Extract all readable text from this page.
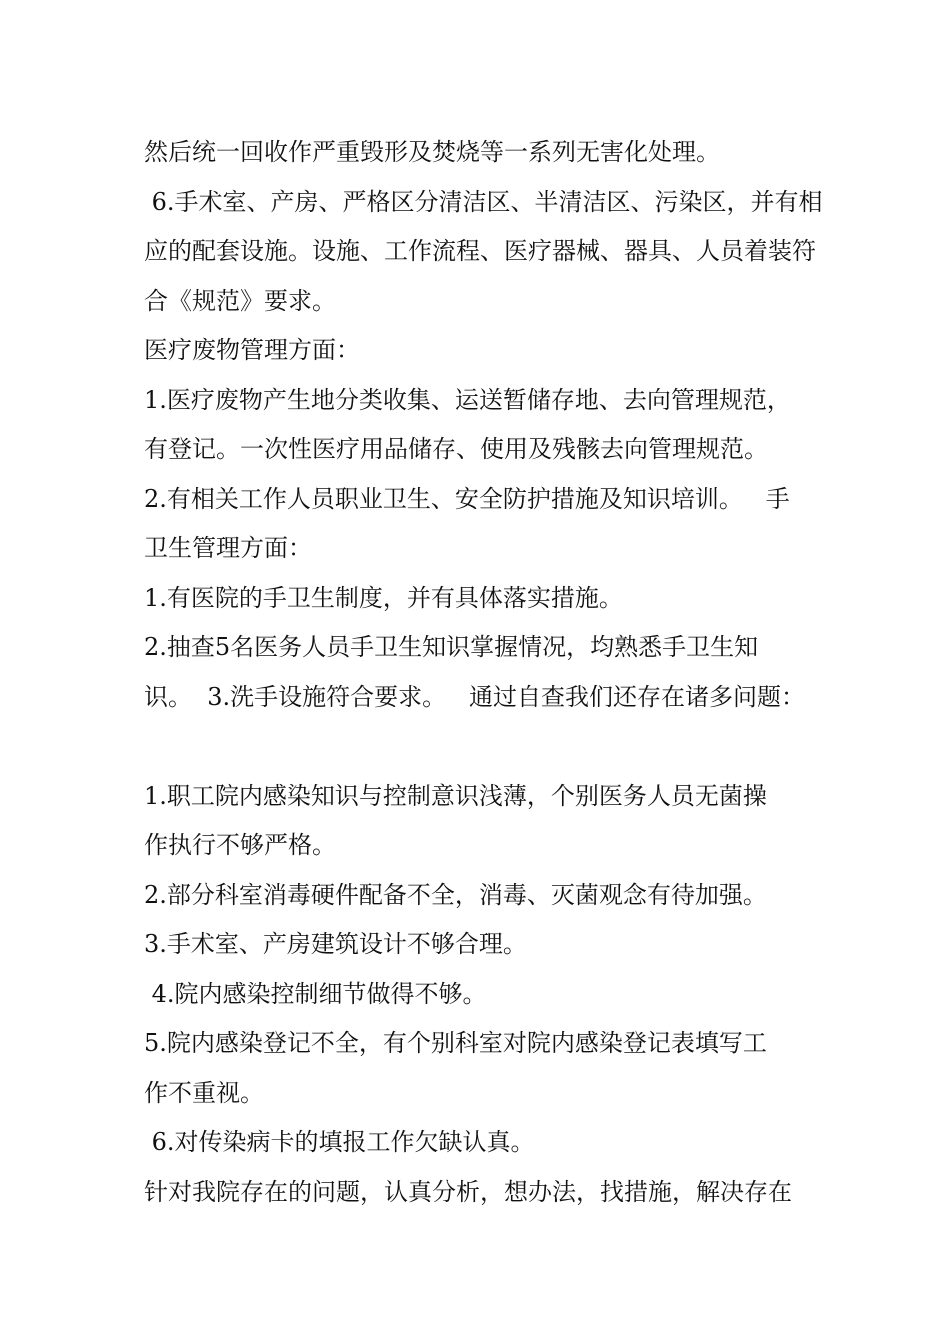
然后统一回收作严重毁形及焚烧等一系列无害化处理。
6.手术室、产房、严格区分清洁区、半清洁区、污染区，并有相
应的配套设施。设施、工作流程、医疗器械、器具、人员着装符
合《规范》要求。
医疗废物管理方面：
1.医疗废物产生地分类收集、运送暂储存地、去向管理规范，
有登记。一次性医疗用品储存、使用及残骸去向管理规范。
2.有相关工作人员职业卫生、安全防护措施及知识培训。   手
卫生管理方面：
1.有医院的手卫生制度，并有具体落实措施。
2.抽查5名医务人员手卫生知识掌握情况，均熟悉手卫生知
识。  3.洗手设施符合要求。   通过自查我们还存在诸多问题：
1.职工院内感染知识与控制意识浅薄，个别医务人员无菌操
作执行不够严格。
2.部分科室消毒硬件配备不全，消毒、灭菌观念有待加强。
3.手术室、产房建筑设计不够合理。
4.院内感染控制细节做得不够。
5.院内感染登记不全，有个别科室对院内感染登记表填写工
作不重视。
6.对传染病卡的填报工作欠缺认真。
针对我院存在的问题，认真分析，想办法，找措施，解决存在
